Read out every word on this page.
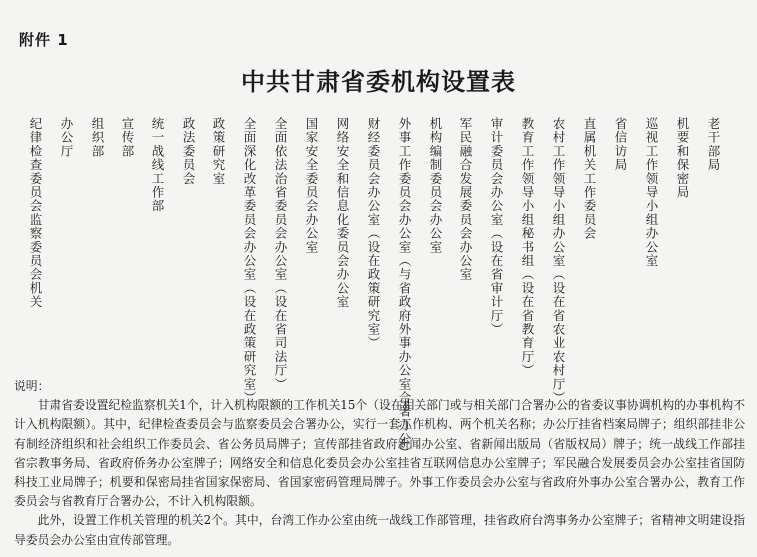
附件 1
中共甘肃省委机构设置表
纪律检查委员会监察委员会机关 办公厅 组织部 宣传部 统一战线工作部 政法委员会 政策研究室 全面深化改革委员会办公室（设在政策研究室） 全面依法治省委员会办公室（设在省司法厅） 国家安全委员会办公室 网络安全和信息化委员会办公室 财经委员会办公室（设在政策研究室） 外事工作委员会办公室（与省政府外事办公室合署办公） 机构编制委员会办公室 军民融合发展委员会办公室 审计委员会办公室（设在省审计厅） 教育工作领导小组秘书组（设在省教育厅） 农村工作领导小组办公室（设在省农业农村厅） 直属机关工作委员会 省信访局 巡视工作领导小组办公室 机要和保密局 老干部局

说明：

甘肃省委设置纪检监察机关1个，计入机构限额的工作机关15个（设在相关部门或与相关部门合署办公的省委议事协调机构的办事机构不计入机构限额）。其中，纪律检查委员会与监察委员会合署办公，实行一套工作机构、两个机关名称；办公厅挂省档案局牌子；组织部挂非公有制经济组织和社会组织工作委员会、省公务员局牌子；宣传部挂省政府新闻办公室、省新闻出版局（省版权局）牌子；统一战线工作部挂省宗教事务局、省政府侨务办公室牌子；网络安全和信息化委员会办公室挂省互联网信息办公室牌子；军民融合发展委员会办公室挂省国防科技工业局牌子；机要和保密局挂省国家保密局、省国家密码管理局牌子。外事工作委员会办公室与省政府外事办公室合署办公，教育工作委员会与省教育厅合署办公，不计入机构限额。

此外，设置工作机关管理的机关2个。其中，台湾工作办公室由统一战线工作部管理，挂省政府台湾事务办公室牌子；省精神文明建设指导委员会办公室由宣传部管理。
